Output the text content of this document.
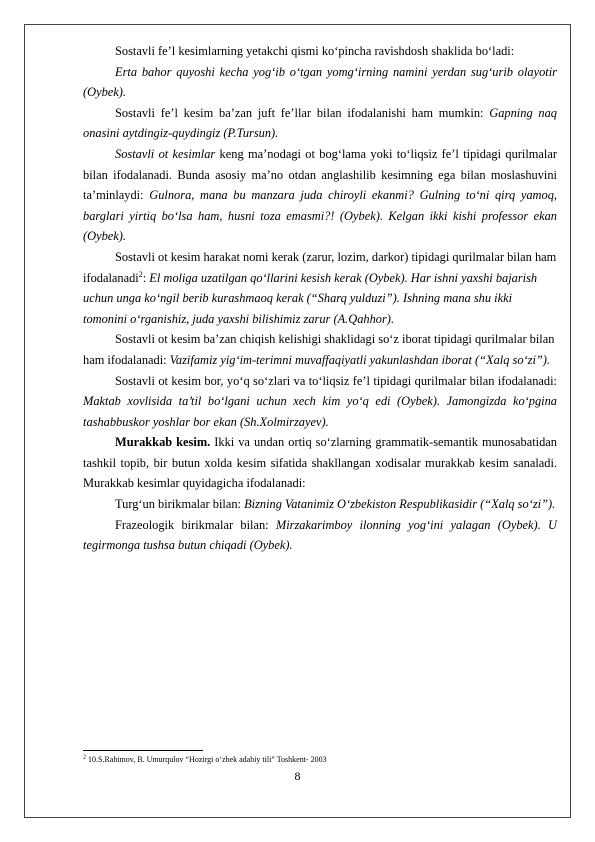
Sostavli fe’l kesimlarning yetakchi qismi ko‘pincha ravishdosh shaklida bo‘ladi:

Erta bahor quyoshi kecha yog‘ib o‘tgan yomg‘irning namini yerdan sug‘urib olayotir (Oybek).

Sostavli fe’l kesim ba’zan juft fe’llar bilan ifodalanishi ham mumkin: Gapning naq onasini aytdingiz-quydingiz (P.Tursun).

Sostavli ot kesimlar keng ma’nodagi ot bog‘lama yoki to‘liqsiz fe’l tipidagi qurilmalar bilan ifodalanadi. Bunda asosiy ma’no otdan anglashilib kesimning ega bilan moslashuvini ta’minlaydi: Gulnora, mana bu manzara juda chiroyli ekanmi? Gulning to‘ni qirq yamoq, barglari yirtiq bo‘lsa ham, husni toza emasmi?! (Oybek). Kelgan ikki kishi professor ekan (Oybek).

Sostavli ot kesim harakat nomi kerak (zarur, lozim, darkor) tipidagi qurilmalar bilan ham ifodalanadi$^2$: El moliga uzatilgan qo‘llarini kesish kerak (Oybek). Har ishni yaxshi bajarish uchun unga ko‘ngil berib kurashmaoq kerak (“Sharq yulduzi”). Ishning mana shu ikki tomonini o‘rganishiz, juda yaxshi bilishimiz zarur (A.Qahhor).

Sostavli ot kesim ba’zan chiqish kelishigi shaklidagi so‘z iborat tipidagi qurilmalar bilan ham ifodalanadi: Vazifamiz yig‘im-terimni muvaffaqiyatli yakunlashdan iborat (“Xalq so‘zi”).

Sostavli ot kesim bor, yo‘q so‘zlari va to‘liqsiz fe’l tipidagi qurilmalar bilan ifodalanadi: Maktab xovlisida ta’til bo‘lgani uchun xech kim yo‘q edi (Oybek). Jamongizda ko‘pgina tashabbuskor yoshlar bor ekan (Sh.Xolmirzayev).

Murakkab kesim. Ikki va undan ortiq so‘zlarning grammatik-semantik munosabatidan tashkil topib, bir butun xolda kesim sifatida shakllangan xodisalar murakkab kesim sanaladi. Murakkab kesimlar quyidagicha ifodalanadi:

Turg‘un birikmalar bilan: Bizning Vatanimiz O‘zbekiston Respublikasidir (“Xalq so‘zi”).

Frazeologik birikmalar bilan: Mirzakarimboy ilonning yog‘ini yalagan (Oybek). U tegirmonga tushsa butun chiqadi (Oybek).

$^2$ 10.S.Rahimov, B. Umurqulov “Hozirgi o‘zbek adabiy tili” Toshkent- 2003
8
